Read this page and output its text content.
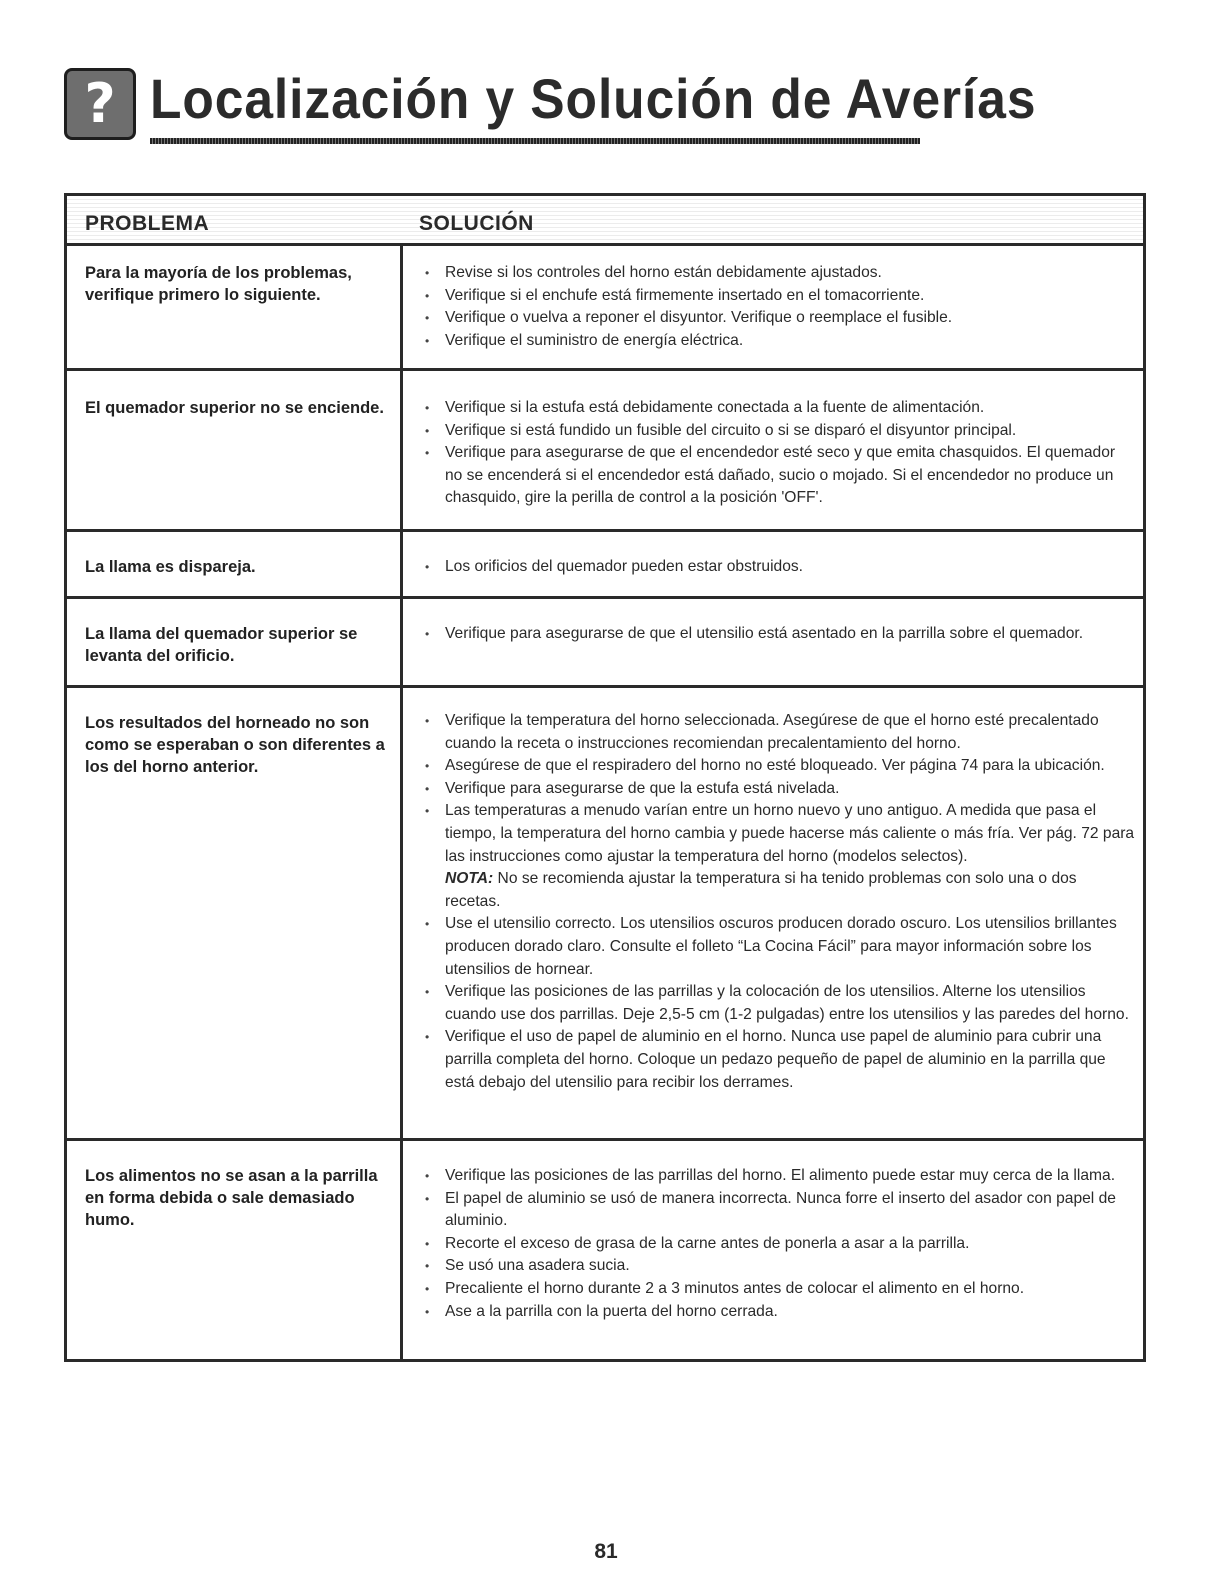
? Localización y Solución de Averías
PROBLEMA	SOLUCIÓN
Para la mayoría de los problemas, verifique primero lo siguiente.
• Revise si los controles del horno están debidamente ajustados.
• Verifique si el enchufe está firmemente insertado en el tomacorriente.
• Verifique o vuelva a reponer el disyuntor. Verifique o reemplace el fusible.
• Verifique el suministro de energía eléctrica.
El quemador superior no se enciende.	• Verifique si la estufa está debidamente conectada a la fuente de alimentación.
• Verifique si está fundido un fusible del circuito o si se disparó el disyuntor principal.
• Verifique para asegurarse de que el encendedor esté seco y que emita chasquidos. El quemador no se encenderá si el encendedor está dañado, sucio o mojado. Si el encendedor no produce un chasquido, gire la perilla de control a la posición 'OFF'.
La llama es dispareja.	• Los orificios del quemador pueden estar obstruidos.
La llama del quemador superior se levanta del orificio.
• Verifique para asegurarse de que el utensilio está asentado en la parrilla sobre el quemador.
Los resultados del horneado no son como se esperaban o son diferentes a los del horno anterior.
• Verifique la temperatura del horno seleccionada. Asegúrese de que el horno esté precalentado cuando la receta o instrucciones recomiendan precalentamiento del horno.
• Asegúrese de que el respiradero del horno no esté bloqueado. Ver página 74 para la ubicación.
• Verifique para asegurarse de que la estufa está nivelada.
• Las temperaturas a menudo varían entre un horno nuevo y uno antiguo. A medida que pasa el tiempo, la temperatura del horno cambia y puede hacerse más caliente o más fría. Ver pág. 72 para las instrucciones como ajustar la temperatura del horno (modelos selectos).
NOTA: No se recomienda ajustar la temperatura si ha tenido problemas con solo una o dos recetas.
• Use el utensilio correcto. Los utensilios oscuros producen dorado oscuro. Los utensilios brillantes producen dorado claro. Consulte el folleto “La Cocina Fácil” para mayor información sobre los utensilios de hornear.
• Verifique las posiciones de las parrillas y la colocación de los utensilios. Alterne los utensilios cuando use dos parrillas. Deje 2,5-5 cm (1-2 pulgadas) entre los utensilios y las paredes del horno.
• Verifique el uso de papel de aluminio en el horno. Nunca use papel de aluminio para cubrir una parrilla completa del horno. Coloque un pedazo pequeño de papel de aluminio en la parrilla que está debajo del utensilio para recibir los derrames.
Los alimentos no se asan a la parrilla en forma debida o sale demasiado humo.
• Verifique las posiciones de las parrillas del horno. El alimento puede estar muy cerca de la llama.
• El papel de aluminio se usó de manera incorrecta. Nunca forre el inserto del asador con papel de aluminio.
• Recorte el exceso de grasa de la carne antes de ponerla a asar a la parrilla.
• Se usó una asadera sucia.
• Precaliente el horno durante 2 a 3 minutos antes de colocar el alimento en el horno.
• Ase a la parrilla con la puerta del horno cerrada.
81
